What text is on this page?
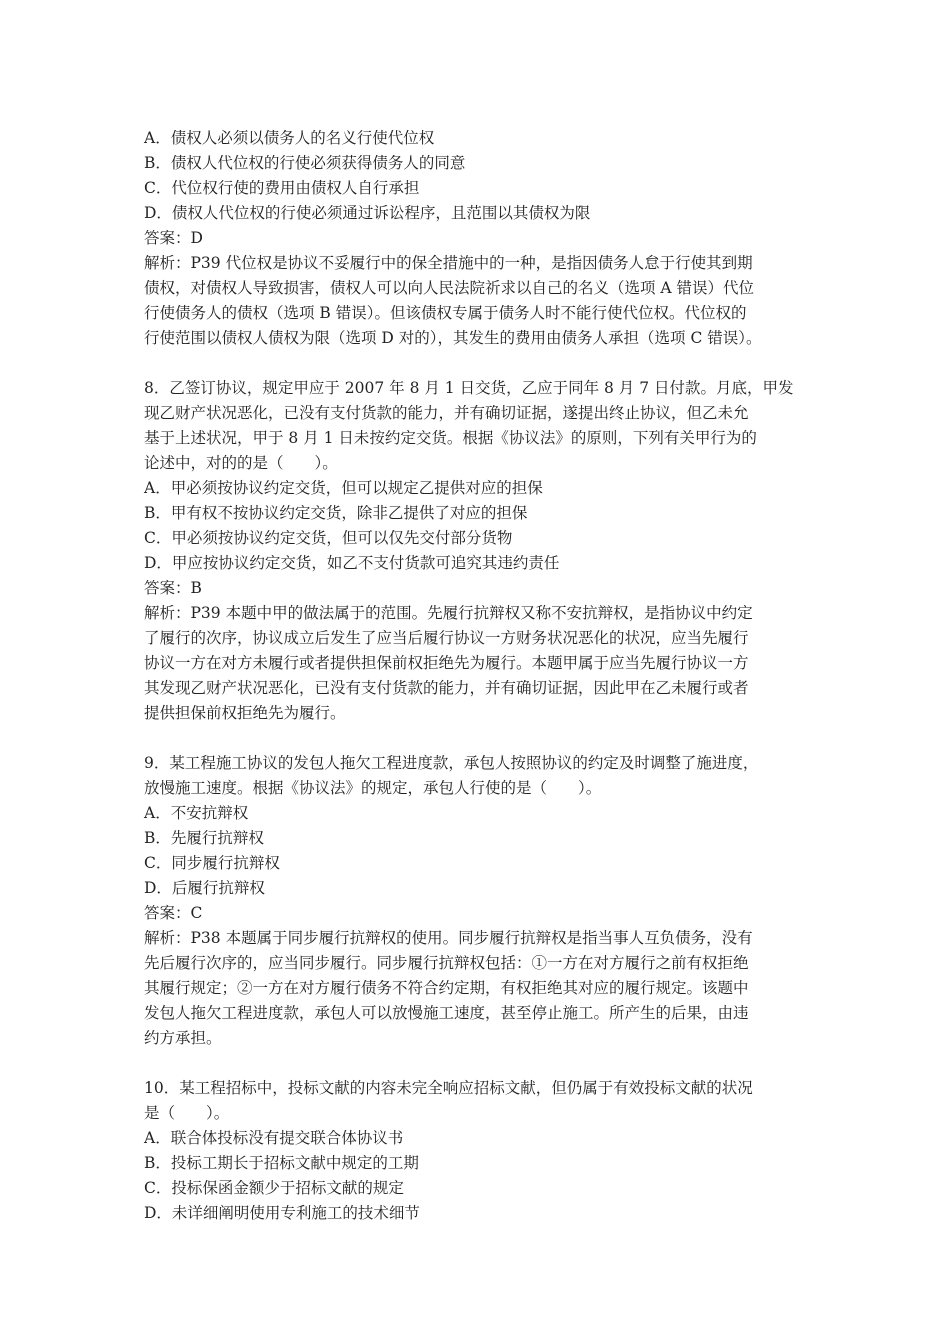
A．债权人必须以债务人的名义行使代位权
B．债权人代位权的行使必须获得债务人的同意
C．代位权行使的费用由债权人自行承担
D．债权人代位权的行使必须通过诉讼程序，且范围以其债权为限
答案：D
解析：P39 代位权是协议不妥履行中的保全措施中的一种，是指因债务人怠于行使其到期
债权，对债权人导致损害，债权人可以向人民法院祈求以自己的名义（选项 A 错误）代位
行使债务人的债权（选项 B 错误）。但该债权专属于债务人时不能行使代位权。代位权的
行使范围以债权人债权为限（选项 D 对的），其发生的费用由债务人承担（选项 C 错误）。
8．乙签订协议，规定甲应于 2007 年 8 月 1 日交货，乙应于同年 8 月 7 日付款。月底，甲发
现乙财产状况恶化，已没有支付货款的能力，并有确切证据，遂提出终止协议，但乙未允
基于上述状况，甲于 8 月 1 日未按约定交货。根据《协议法》的原则，下列有关甲行为的
论述中，对的的是（　　）。
A．甲必须按协议约定交货，但可以规定乙提供对应的担保
B．甲有权不按协议约定交货，除非乙提供了对应的担保
C．甲必须按协议约定交货，但可以仅先交付部分货物
D．甲应按协议约定交货，如乙不支付货款可追究其违约责任
答案：B
解析：P39 本题中甲的做法属于的范围。先履行抗辩权又称不安抗辩权，是指协议中约定
了履行的次序，协议成立后发生了应当后履行协议一方财务状况恶化的状况，应当先履行
协议一方在对方未履行或者提供担保前权拒绝先为履行。本题甲属于应当先履行协议一方
其发现乙财产状况恶化，已没有支付货款的能力，并有确切证据，因此甲在乙未履行或者
提供担保前权拒绝先为履行。
9．某工程施工协议的发包人拖欠工程进度款，承包人按照协议的约定及时调整了施进度，
放慢施工速度。根据《协议法》的规定，承包人行使的是（　　）。
A．不安抗辩权
B．先履行抗辩权
C．同步履行抗辩权
D．后履行抗辩权
答案：C
解析：P38 本题属于同步履行抗辩权的使用。同步履行抗辩权是指当事人互负债务，没有
先后履行次序的，应当同步履行。同步履行抗辩权包括：①一方在对方履行之前有权拒绝
其履行规定；②一方在对方履行债务不符合约定期，有权拒绝其对应的履行规定。该题中
发包人拖欠工程进度款，承包人可以放慢施工速度，甚至停止施工。所产生的后果，由违
约方承担。
10．某工程招标中，投标文献的内容未完全响应招标文献，但仍属于有效投标文献的状况
是（　　）。
A．联合体投标没有提交联合体协议书
B．投标工期长于招标文献中规定的工期
C．投标保函金额少于招标文献的规定
D．未详细阐明使用专利施工的技术细节
